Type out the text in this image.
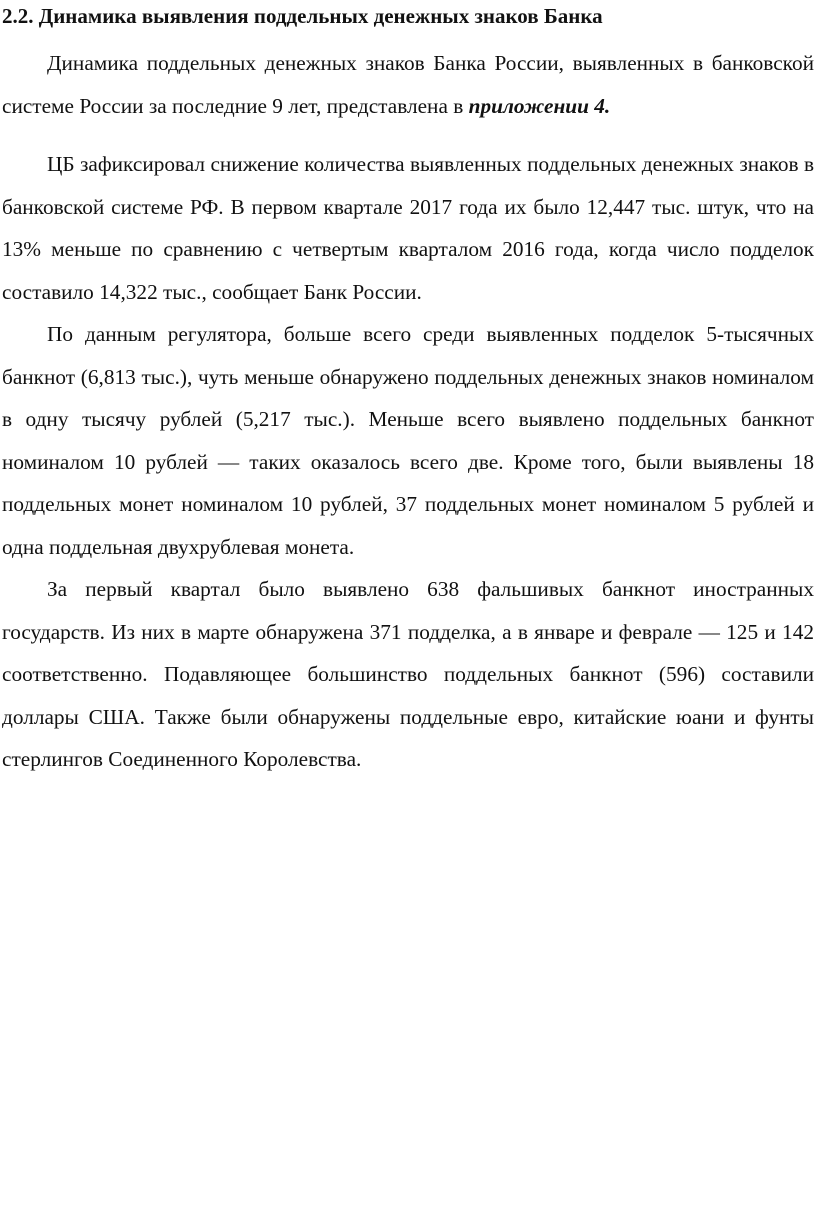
2.2. Динамика выявления поддельных денежных знаков Банка

Динамика поддельных денежных знаков Банка России, выявленных в банковской системе России за последние 9 лет, представлена в приложении 4.

ЦБ зафиксировал снижение количества выявленных поддельных денежных знаков в банковской системе РФ. В первом квартале 2017 года их было 12,447 тыс. штук, что на 13% меньше по сравнению с четвертым кварталом 2016 года, когда число подделок составило 14,322 тыс., сообщает Банк России.

По данным регулятора, больше всего среди выявленных подделок 5-тысячных банкнот (6,813 тыс.), чуть меньше обнаружено поддельных денежных знаков номиналом в одну тысячу рублей (5,217 тыс.). Меньше всего выявлено поддельных банкнот номиналом 10 рублей — таких оказалось всего две. Кроме того, были выявлены 18 поддельных монет номиналом 10 рублей, 37 поддельных монет номиналом 5 рублей и одна поддельная двухрублевая монета.

За первый квартал было выявлено 638 фальшивых банкнот иностранных государств. Из них в марте обнаружена 371 подделка, а в январе и феврале — 125 и 142 соответственно. Подавляющее большинство поддельных банкнот (596) составили доллары США. Также были обнаружены поддельные евро, китайские юани и фунты стерлингов Соединенного Королевства.
